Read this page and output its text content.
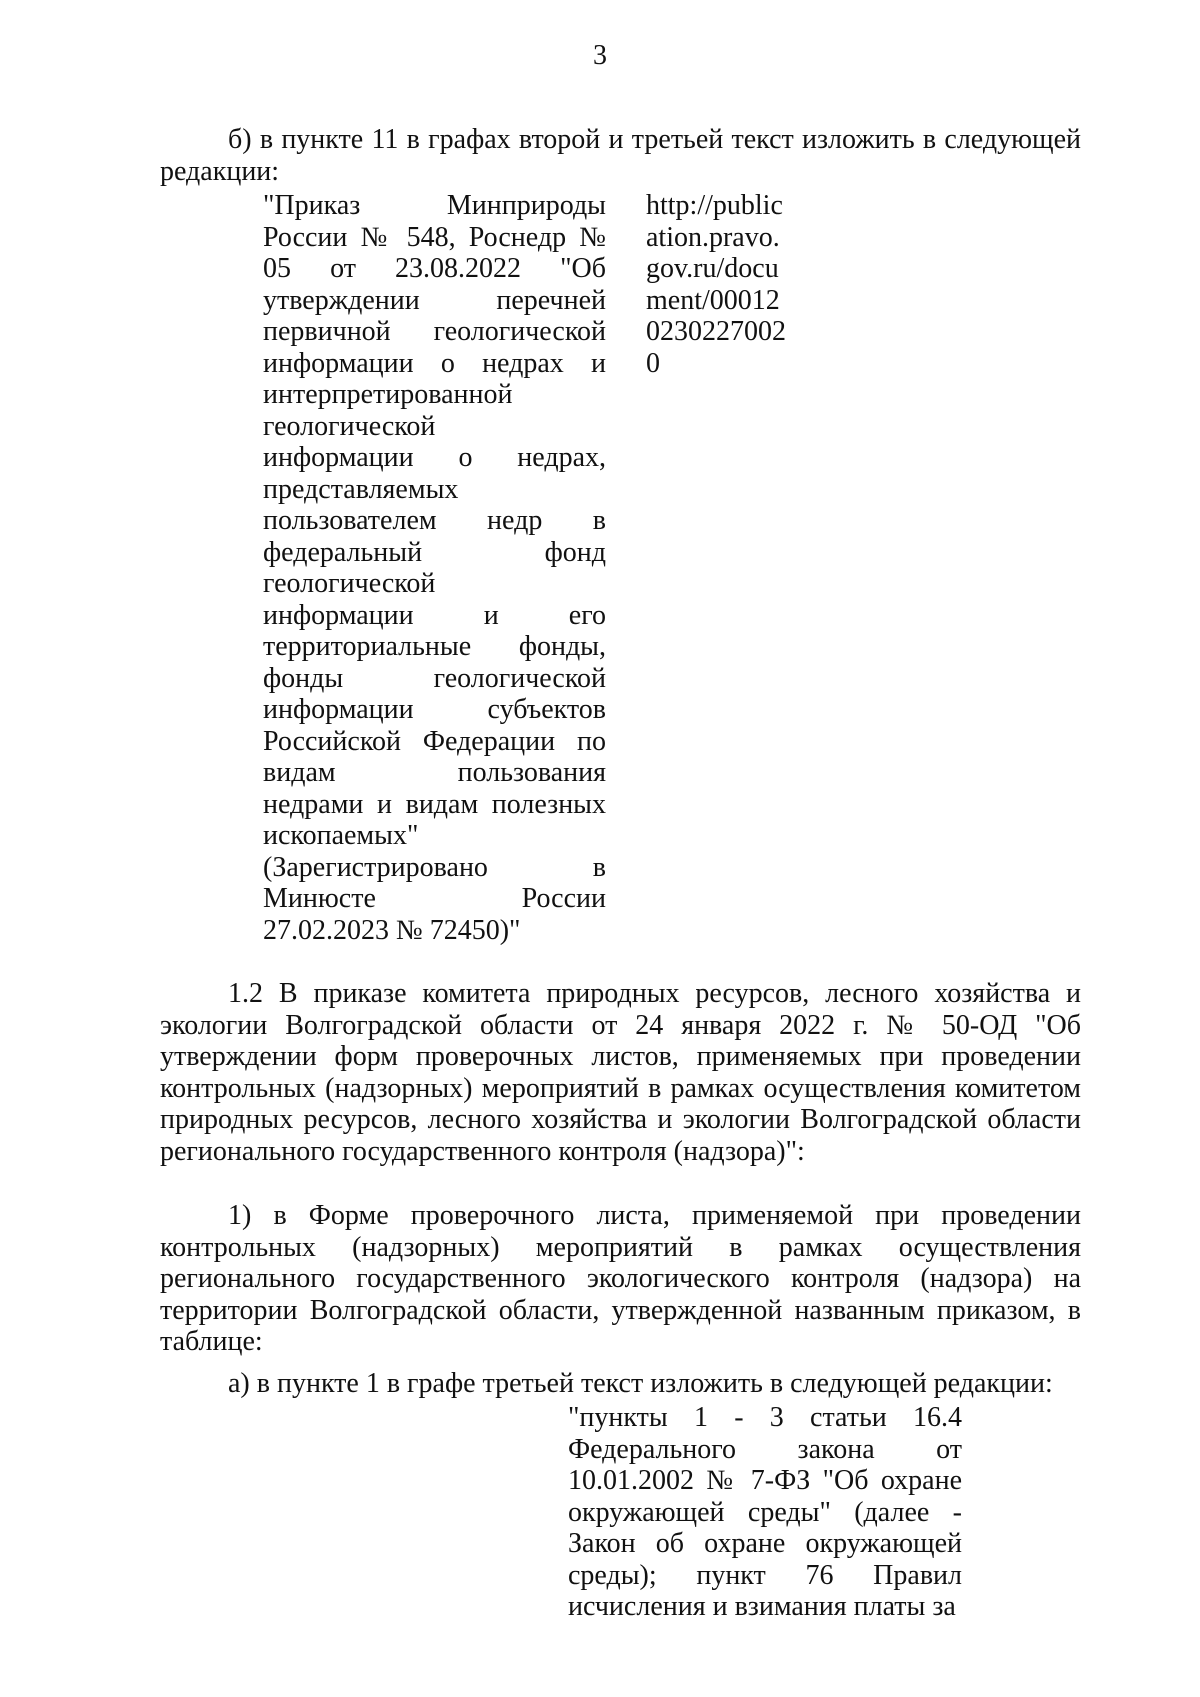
3

б) в пункте 11 в графах второй и третьей текст изложить в следующей редакции:

"Приказ Минприроды
России № 548, Роснедр №
05 от 23.08.2022 "Об
утверждении перечней
первичной геологической
информации о недрах и
интерпретированной
геологической
информации о недрах,
представляемых
пользователем недр в
федеральный фонд
геологической
информации и его
территориальные фонды,
фонды геологической
информации субъектов
Российской Федерации по
видам пользования
недрами и видам полезных
ископаемых"
(Зарегистрировано в
Минюсте России
27.02.2023 № 72450)"
http://public
ation.pravo.
gov.ru/docu
ment/00012
0230227002
0

1.2 В приказе комитета природных ресурсов, лесного хозяйства и экологии Волгоградской области от 24 января 2022 г. № 50-ОД "Об утверждении форм проверочных листов, применяемых при проведении контрольных (надзорных) мероприятий в рамках осуществления комитетом природных ресурсов, лесного хозяйства и экологии Волгоградской области регионального государственного контроля (надзора)":

1) в Форме проверочного листа, применяемой при проведении контрольных (надзорных) мероприятий в рамках осуществления регионального государственного экологического контроля (надзора) на территории Волгоградской области, утвержденной названным приказом, в таблице:

а) в пункте 1 в графе третьей текст изложить в следующей редакции:

"пункты 1 - 3 статьи 16.4 Федерального закона от 10.01.2002 № 7-ФЗ "Об охране окружающей среды" (далее - Закон об охране окружающей среды); пункт 76 Правил исчисления и взимания платы за
